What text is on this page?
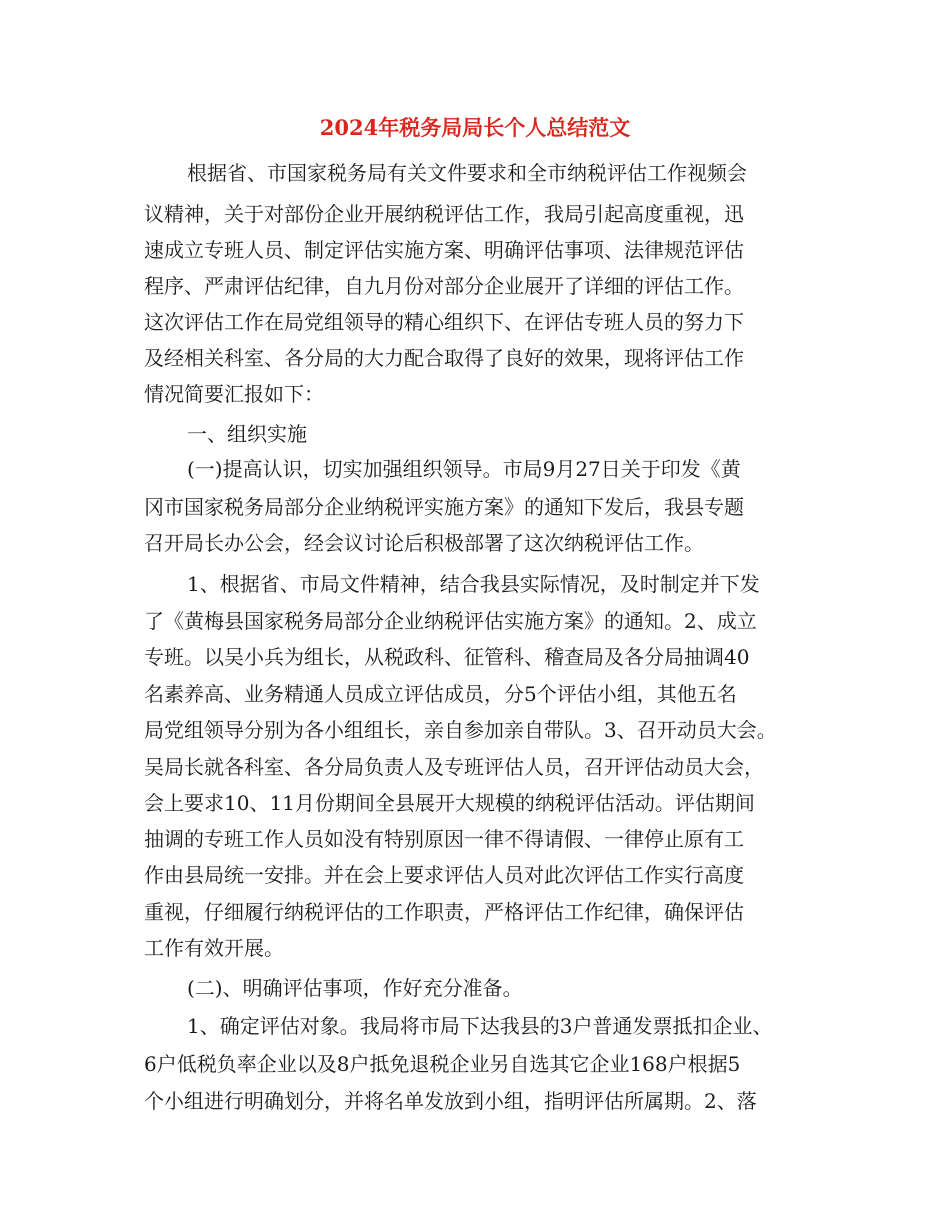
2024年税务局局长个人总结范文
根据省、市国家税务局有关文件要求和全市纳税评估工作视频会
议精神，关于对部份企业开展纳税评估工作，我局引起高度重视，迅
速成立专班人员、制定评估实施方案、明确评估事项、法律规范评估
程序、严肃评估纪律，自九月份对部分企业展开了详细的评估工作。
这次评估工作在局党组领导的精心组织下、在评估专班人员的努力下
及经相关科室、各分局的大力配合取得了良好的效果，现将评估工作
情况简要汇报如下：
一、组织实施
(一)提高认识，切实加强组织领导。市局9月27日关于印发《黄
冈市国家税务局部分企业纳税评实施方案》的通知下发后，我县专题
召开局长办公会，经会议讨论后积极部署了这次纳税评估工作。
1、根据省、市局文件精神，结合我县实际情况，及时制定并下发
了《黄梅县国家税务局部分企业纳税评估实施方案》的通知。2、成立
专班。以吴小兵为组长，从税政科、征管科、稽查局及各分局抽调40
名素养高、业务精通人员成立评估成员，分5个评估小组，其他五名
局党组领导分别为各小组组长，亲自参加亲自带队。3、召开动员大会。
吴局长就各科室、各分局负责人及专班评估人员，召开评估动员大会，
会上要求10、11月份期间全县展开大规模的纳税评估活动。评估期间
抽调的专班工作人员如没有特别原因一律不得请假、一律停止原有工
作由县局统一安排。并在会上要求评估人员对此次评估工作实行高度
重视，仔细履行纳税评估的工作职责，严格评估工作纪律，确保评估
工作有效开展。
(二)、明确评估事项，作好充分准备。
1、确定评估对象。我局将市局下达我县的3户普通发票抵扣企业、
6户低税负率企业以及8户抵免退税企业另自选其它企业168户根据5
个小组进行明确划分，并将名单发放到小组，指明评估所属期。2、落
